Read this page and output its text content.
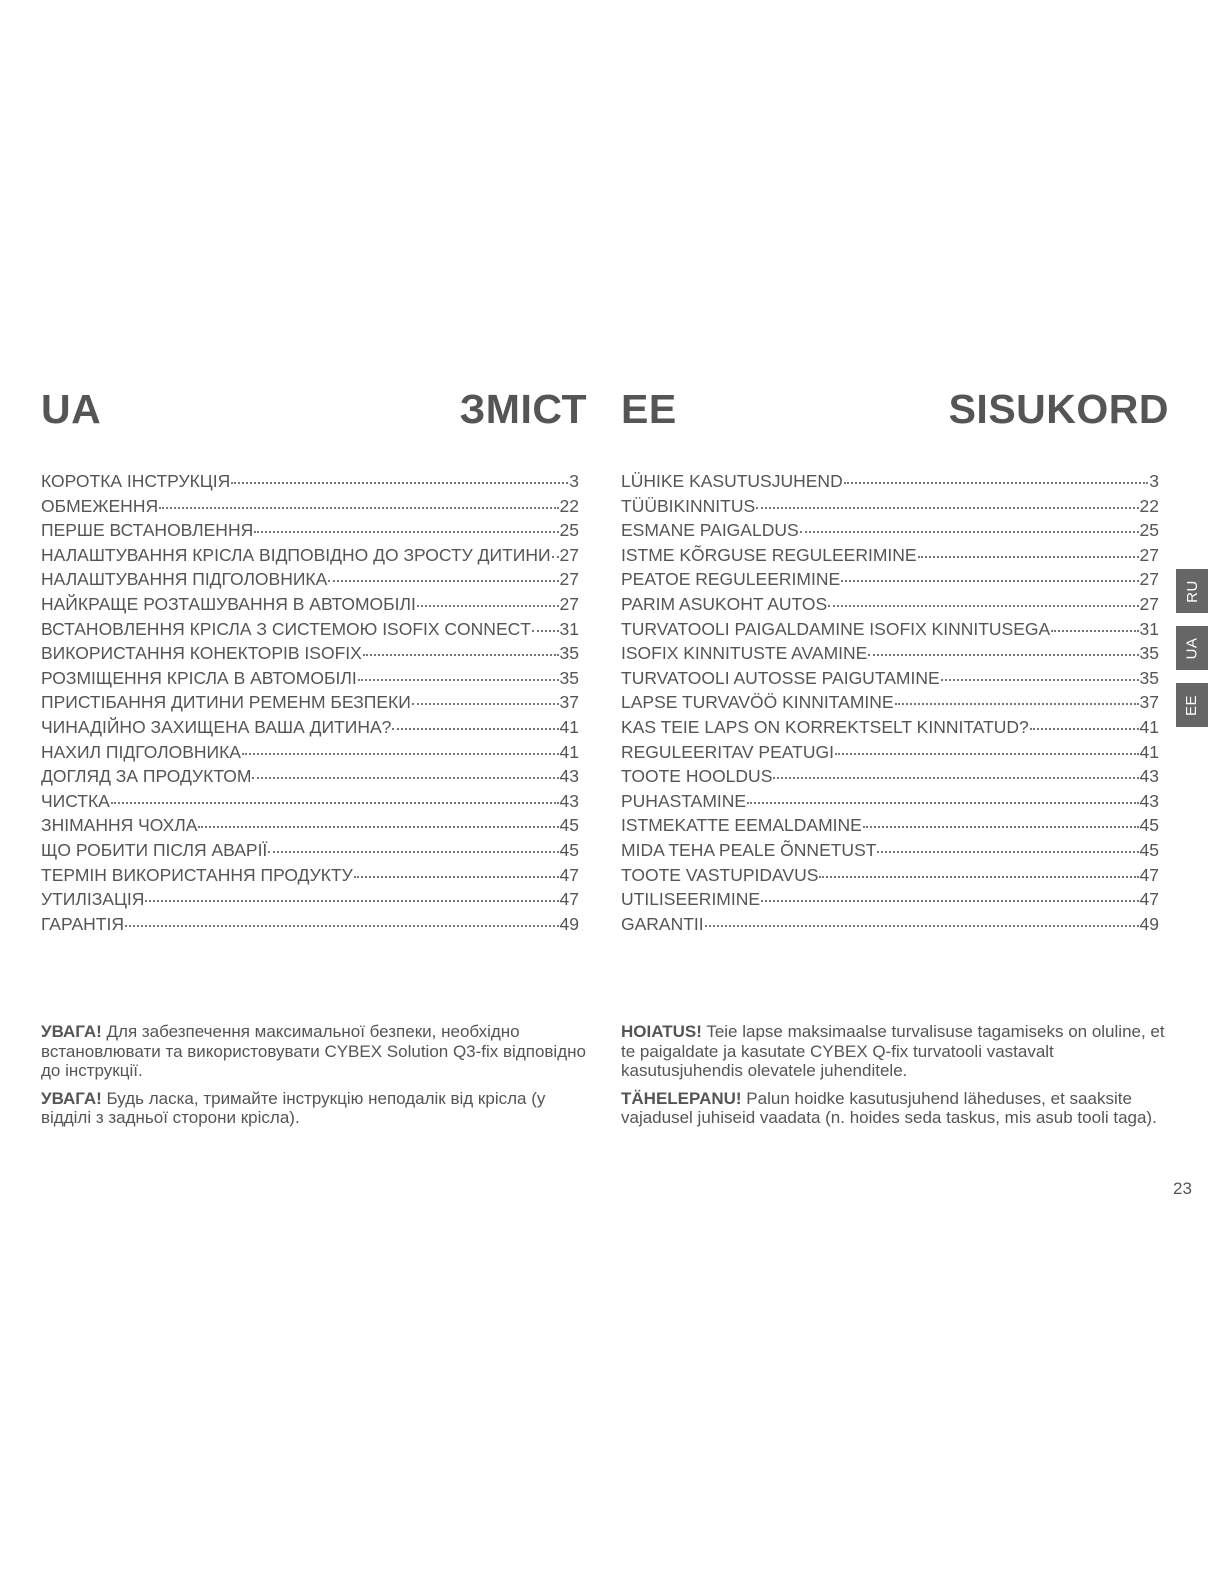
UA	ЗМІСТ
КОРОТКА ІНСТРУКЦІЯ	3
ОБМЕЖЕННЯ	22
ПЕРШЕ ВСТАНОВЛЕННЯ	25
НАЛАШТУВАННЯ КРІСЛА ВІДПОВІДНО ДО ЗРОСТУ ДИТИНИ 27
НАЛАШТУВАННЯ ПІДГОЛОВНИКА	27
НАЙКРАЩЕ РОЗТАШУВАННЯ В АВТОМОБІЛІ	27
ВСТАНОВЛЕННЯ КРІСЛА З СИСТЕМОЮ ISOFIX CONNECT 31
ВИКОРИСТАННЯ КОНЕКТОРІВ ISOFIX	35
РОЗМІЩЕННЯ КРІСЛА В АВТОМОБІЛІ	35
ПРИСТІБАННЯ ДИТИНИ РЕМЕНМ БЕЗПЕКИ	37
ЧИНАДІЙНО ЗАХИЩЕНА ВАША ДИТИНА?	41
НАХИЛ ПІДГОЛОВНИКА	41
ДОГЛЯД ЗА ПРОДУКТОМ	43
ЧИСТКА	43
ЗНІМАННЯ ЧОХЛА	45
ЩО РОБИТИ ПІСЛЯ АВАРІЇ	45
ТЕРМІН ВИКОРИСТАННЯ ПРОДУКТУ	47
УТИЛІЗАЦІЯ	47
ГАРАНТІЯ	49

УВАГА! Для забезпечення максимальної безпеки, необхідно встановлювати та використовувати CYBEX Solution Q3-fix відповідно до інструкції.

УВАГА! Будь ласка, тримайте інструкцію неподалік від крісла (у відділі з задньої сторони крісла).

EE	SISUKORD
LÜHIKE KASUTUSJUHEND	3
TÜÜBIKINNITUS	22
ESMANE PAIGALDUS	25
ISTME KÕRGUSE REGULEERIMINE	27
PEATOE REGULEERIMINE	27
PARIM ASUKOHT AUTOS	27
TURVATOOLI PAIGALDAMINE ISOFIX KINNITUSEGA	31
ISOFIX KINNITUSTE AVAMINE	35
TURVATOOLI AUTOSSE PAIGUTAMINE	35
LAPSE TURVAVÖÖ KINNITAMINE	37
KAS TEIE LAPS ON KORREKTSELT KINNITATUD?	41
REGULEERITAV PEATUGI	41
TOOTE HOOLDUS	43
PUHASTAMINE	43
ISTMEKATTE EEMALDAMINE	45
MIDA TEHA PEALE ÕNNETUST	45
TOOTE VASTUPIDAVUS	47
UTILISEERIMINE	47
GARANTII	49

HOIATUS! Teie lapse maksimaalse turvalisuse tagamiseks on oluline, et te paigaldate ja kasutate CYBEX Q-fix turvatooli vastavalt kasutusjuhendis olevatele juhenditele.

TÄHELEPANU! Palun hoidke kasutusjuhend läheduses, et saaksite vajadusel juhiseid vaadata (n. hoides seda taskus, mis asub tooli taga).

RU
UA
EE
23
